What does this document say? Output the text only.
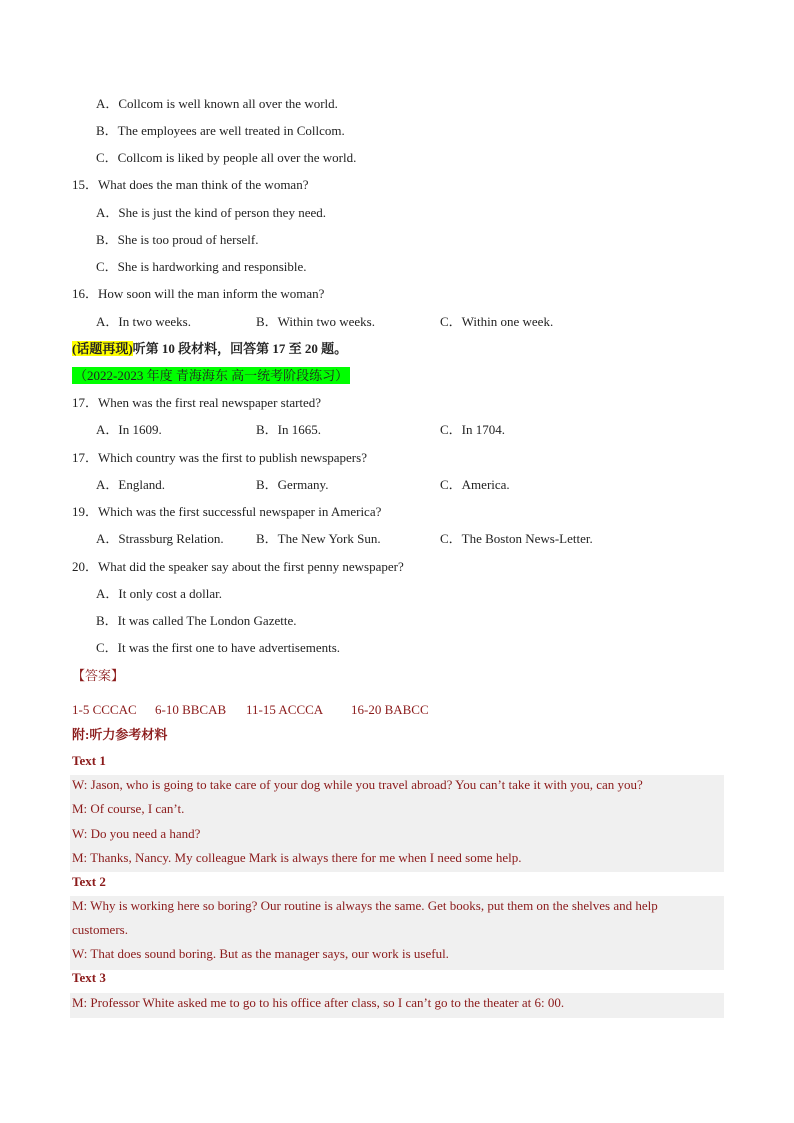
A．Collcom is well known all over the world.
B．The employees are well treated in Collcom.
C．Collcom is liked by people all over the world.
15．What does the man think of the woman?
A．She is just the kind of person they need.
B．She is too proud of herself.
C．She is hardworking and responsible.
16．How soon will the man inform the woman?
A．In two weeks.	B．Within two weeks.	C．Within one week.
(话题再现)听第 10 段材料，回答第 17 至 20 题。
（2022-2023 年度 青海海东 高一统考阶段练习）
17．When was the first real newspaper started?
A．In 1609.	B．In 1665.	C．In 1704.
17．Which country was the first to publish newspapers?
A．England.	B．Germany.	C．America.
19．Which was the first successful newspaper in America?
A．Strassburg Relation. B．The New York Sun.	C．The Boston News-Letter.
20．What did the speaker say about the first penny newspaper?
A．It only cost a dollar.
B．It was called The London Gazette.
C．It was the first one to have advertisements.
【答案】
1-5 CCCAC 6-10 BBCAB 11-15 ACCCA 16-20 BABCC
附:听力参考材料
Text 1
W: Jason, who is going to take care of your dog while you travel abroad? You can’t take it with you, can you?
M: Of course, I can’t.
W: Do you need a hand?
M: Thanks, Nancy. My colleague Mark is always there for me when I need some help.
Text 2
M: Why is working here so boring? Our routine is always the same. Get books, put them on the shelves and help
customers.
W: That does sound boring. But as the manager says, our work is useful.
Text 3
M: Professor White asked me to go to his office after class, so I can’t go to the theater at 6: 00.
